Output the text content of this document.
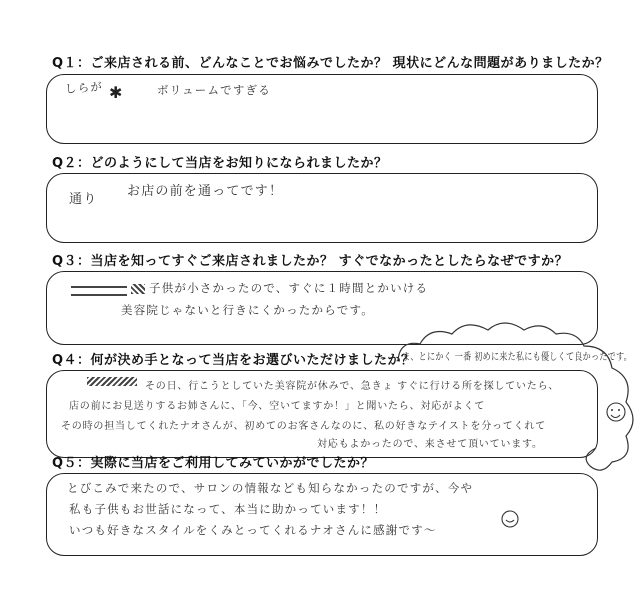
Q１：ご来店される前、どんなことでお悩みでしたか？ 現状にどんな問題がありましたか？
しらが ✱	ボリュームですぎる
Q２：どのようにして当店をお知りになられましたか？
通り
お店の前を通ってです！
Q３：当店を知ってすぐご来店されましたか？ すぐでなかったとしたらなぜですか？
子供が小さかったので、すぐに１時間とかいける
美容院じゃないと行きにくかったからです。
Q４：何が決め手となって当店をお選びいただけましたか？
その日、行こうとしていた美容院が休みで、急きょ すぐに行ける所を探していたら、
店の前にお見送りするお姉さんに、「今、空いてますか！」と聞いたら、対応がよくて
その時の担当してくれたナオさんが、初めてのお客さんなのに、私の好きなテイストを分ってくれて
対応もよかったので、来させて頂いています。
ま、とにかく 一番 初めに来た私にも優しくて良かったです。
Q５：実際に当店をご利用してみていかがでしたか？
とびこみで来たので、サロンの情報なども知らなかったのですが、今や
私も子供もお世話になって、本当に助かっています！！
いつも好きなスタイルをくみとってくれるナオさんに感謝です～
